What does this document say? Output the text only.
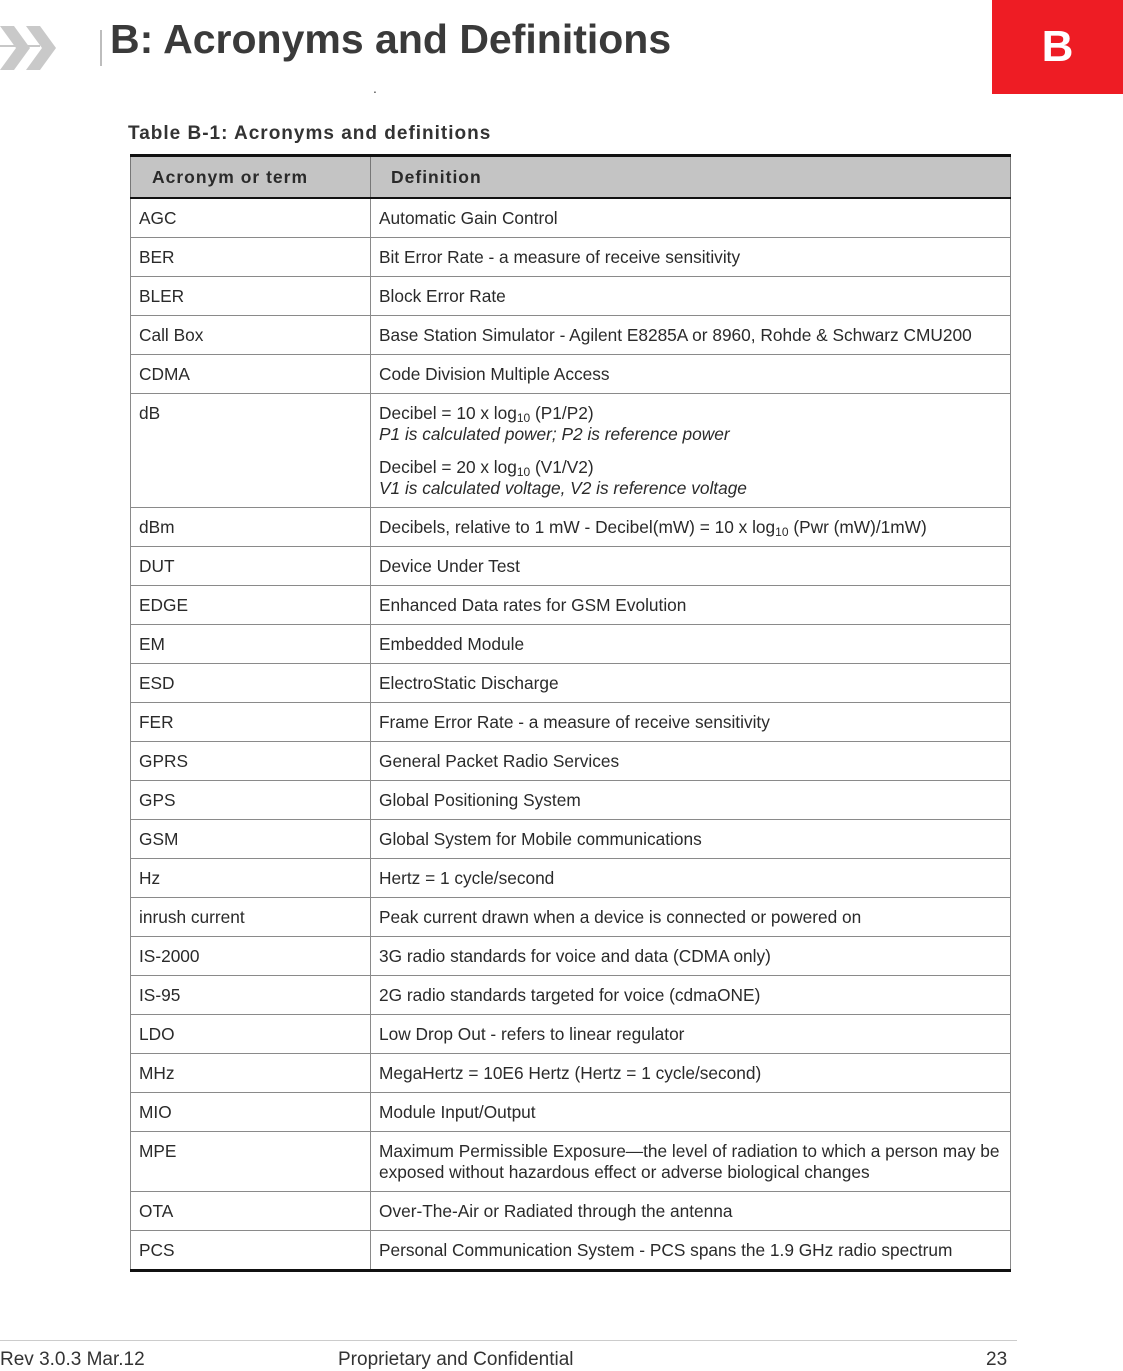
B: Acronyms and Definitions
.
B
Table B-1: Acronyms and definitions
Acronym or term	Definition
AGC	Automatic Gain Control
BER	Bit Error Rate - a measure of receive sensitivity
BLER	Block Error Rate
Call Box	Base Station Simulator - Agilent E8285A or 8960, Rohde & Schwarz CMU200
CDMA	Code Division Multiple Access
dB	Decibel = 10 x $\log_{10} (P1/P2)$
P1 is calculated power; P2 is reference power
Decibel = 20 x $\log_{10} (V1/V2)$
V1 is calculated voltage, V2 is reference voltage

dBm	Decibels, relative to 1 mW - Decibel(mW) = 10 x $\log_{10} (Pwr$ (mW)/1mW)
DUT	Device Under Test
EDGE	Enhanced Data rates for GSM Evolution
EM	Embedded Module
ESD	ElectroStatic Discharge
FER	Frame Error Rate - a measure of receive sensitivity
GPRS	General Packet Radio Services
GPS	Global Positioning System
GSM	Global System for Mobile communications
Hz	Hertz = 1 cycle/second
inrush current	Peak current drawn when a device is connected or powered on
IS-2000	3G radio standards for voice and data (CDMA only)
IS-95	2G radio standards targeted for voice (cdmaONE)
LDO	Low Drop Out - refers to linear regulator
MHz	MegaHertz = 10E6 Hertz (Hertz = 1 cycle/second)
MIO	Module Input/Output
MPE	Maximum Permissible Exposure—the level of radiation to which a person may be exposed without hazardous effect or adverse biological changes
OTA	Over-The-Air or Radiated through the antenna
PCS	Personal Communication System - PCS spans the 1.9 GHz radio spectrum
Rev 3.0.3 Mar.12	Proprietary and Confidential	23
